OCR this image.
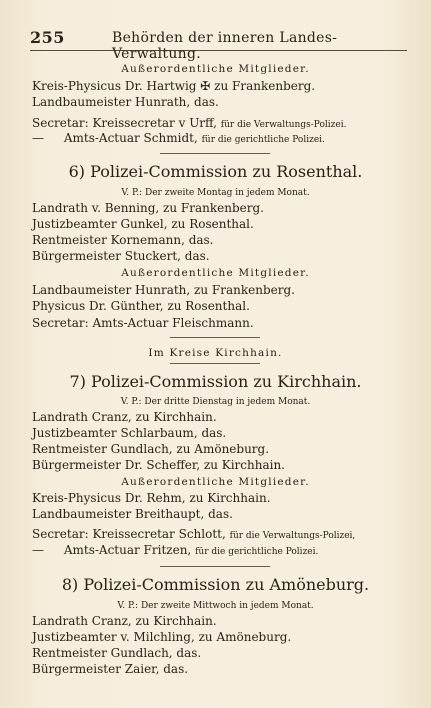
255	Behörden der inneren Landes-Verwaltung.
Außerordentliche Mitglieder.
Kreis-Physicus Dr. Hartwig ✠ zu Frankenberg.
Landbaumeister Hunrath, das.
Secretar: Kreissecretar v Urff, für die Verwaltungs-Polizei.
— Amts-Actuar Schmidt, für die gerichtliche Polizei.
6) Polizei-Commission zu Rosenthal.
V. P.: Der zweite Montag in jedem Monat.
Landrath v. Benning, zu Frankenberg.
Justizbeamter Gunkel, zu Rosenthal.
Rentmeister Kornemann, das.
Bürgermeister Stuckert, das.
Außerordentliche Mitglieder.
Landbaumeister Hunrath, zu Frankenberg.
Physicus Dr. Günther, zu Rosenthal.
Secretar: Amts-Actuar Fleischmann.
Im Kreise Kirchhain.
7) Polizei-Commission zu Kirchhain.
V. P.: Der dritte Dienstag in jedem Monat.
Landrath Cranz, zu Kirchhain.
Justizbeamter Schlarbaum, das.
Rentmeister Gundlach, zu Amöneburg.
Bürgermeister Dr. Scheffer, zu Kirchhain.
Außerordentliche Mitglieder.
Kreis-Physicus Dr. Rehm, zu Kirchhain.
Landbaumeister Breithaupt, das.
Secretar: Kreissecretar Schlott, für die Verwaltungs-Polizei,
— Amts-Actuar Fritzen, für die gerichtliche Polizei.
8) Polizei-Commission zu Amöneburg.
V. P.: Der zweite Mittwoch in jedem Monat.
Landrath Cranz, zu Kirchhain.
Justizbeamter v. Milchling, zu Amöneburg.
Rentmeister Gundlach, das.
Bürgermeister Zaier, das.
